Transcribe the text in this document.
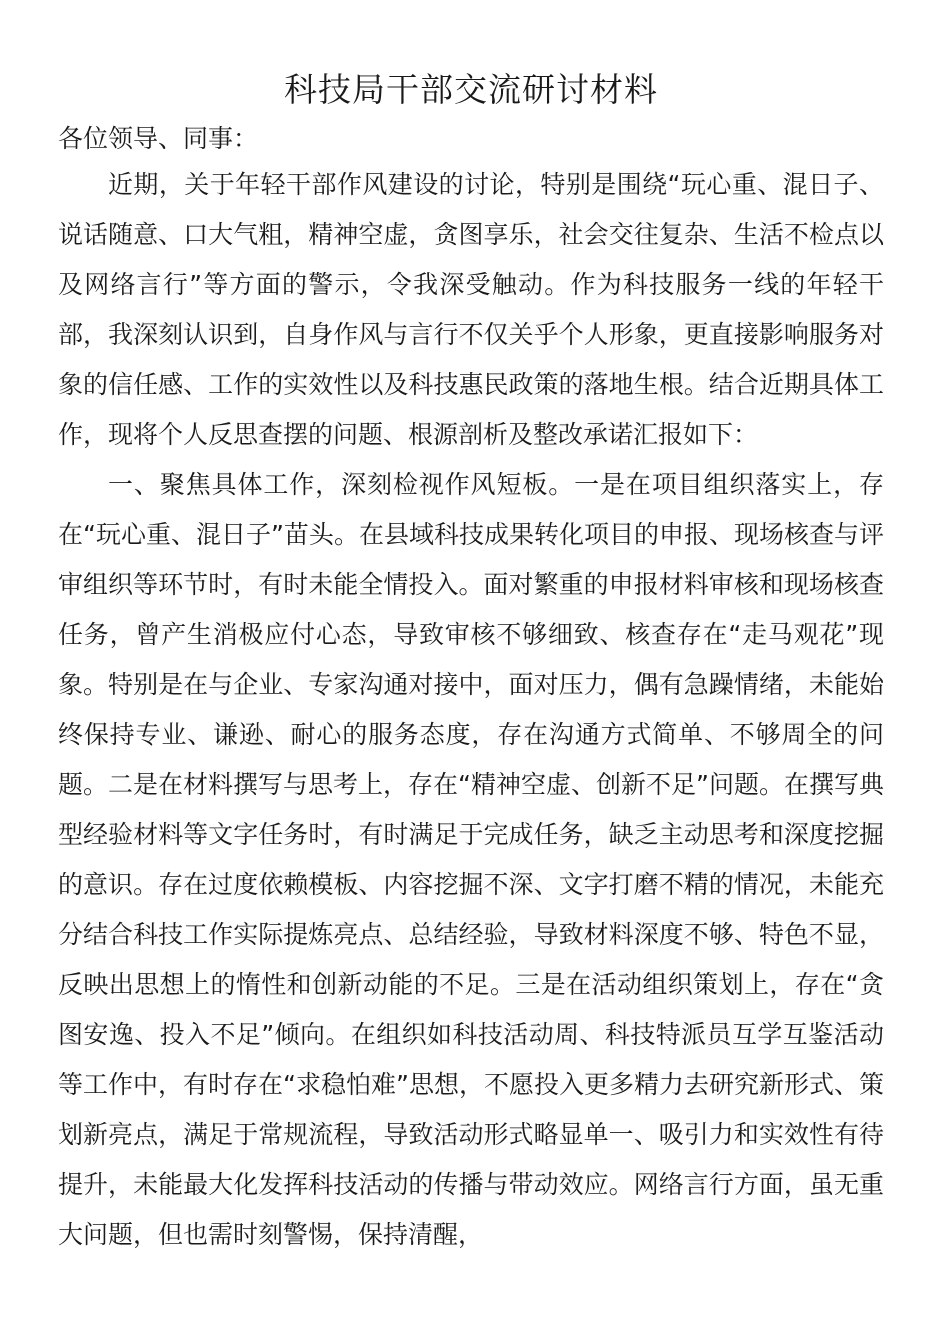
科技局干部交流研讨材料

各位领导、同事：

近期，关于年轻干部作风建设的讨论，特别是围绕“玩心重、混日子、说话随意、口大气粗，精神空虚，贪图享乐，社会交往复杂、生活不检点以及网络言行”等方面的警示，令我深受触动。作为科技服务一线的年轻干部，我深刻认识到，自身作风与言行不仅关乎个人形象，更直接影响服务对象的信任感、工作的实效性以及科技惠民政策的落地生根。结合近期具体工作，现将个人反思查摆的问题、根源剖析及整改承诺汇报如下：

一、聚焦具体工作，深刻检视作风短板。一是在项目组织落实上，存在“玩心重、混日子”苗头。在县域科技成果转化项目的申报、现场核查与评审组织等环节时，有时未能全情投入。面对繁重的申报材料审核和现场核查任务，曾产生消极应付心态，导致审核不够细致、核查存在“走马观花”现象。特别是在与企业、专家沟通对接中，面对压力，偶有急躁情绪，未能始终保持专业、谦逊、耐心的服务态度，存在沟通方式简单、不够周全的问题。二是在材料撰写与思考上，存在“精神空虚、创新不足”问题。在撰写典型经验材料等文字任务时，有时满足于完成任务，缺乏主动思考和深度挖掘的意识。存在过度依赖模板、内容挖掘不深、文字打磨不精的情况，未能充分结合科技工作实际提炼亮点、总结经验，导致材料深度不够、特色不显，反映出思想上的惰性和创新动能的不足。三是在活动组织策划上，存在“贪图安逸、投入不足”倾向。在组织如科技活动周、科技特派员互学互鉴活动等工作中，有时存在“求稳怕难”思想，不愿投入更多精力去研究新形式、策划新亮点，满足于常规流程，导致活动形式略显单一、吸引力和实效性有待提升，未能最大化发挥科技活动的传播与带动效应。网络言行方面，虽无重大问题，但也需时刻警惕，保持清醒，
